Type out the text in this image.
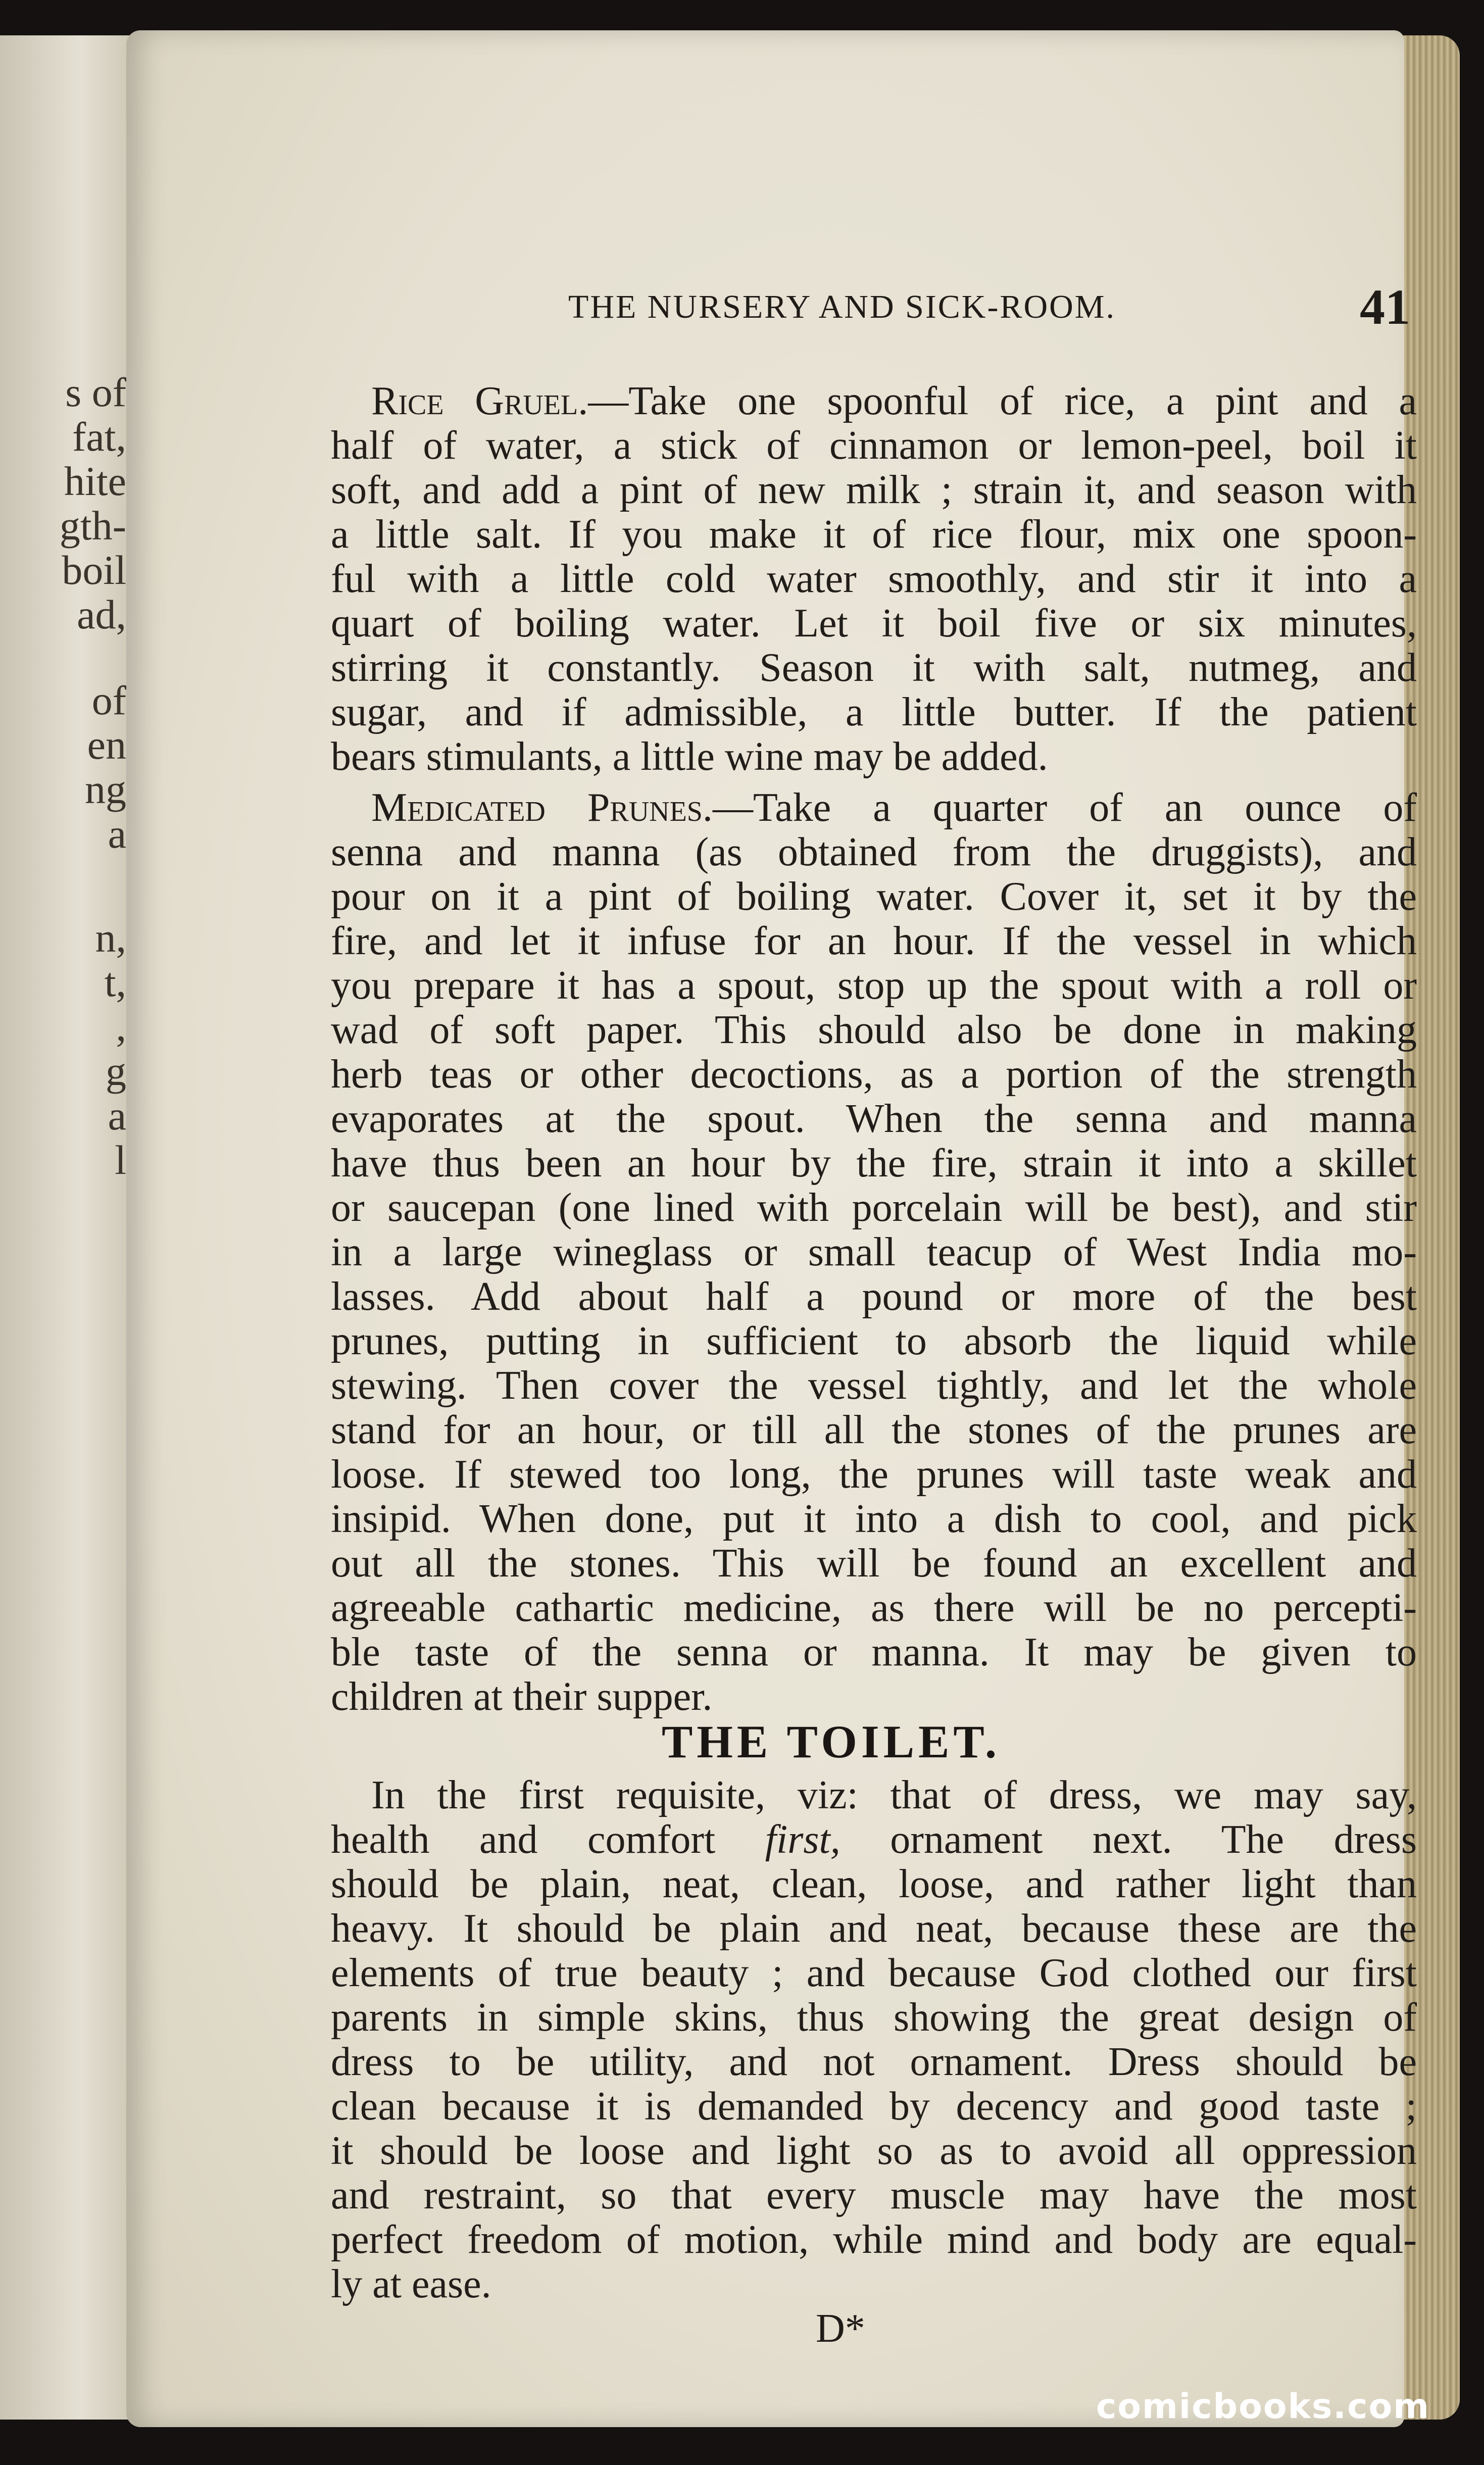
s of
fat,
hite
gth-
boil
ad,
of
en
ng
a
n,
t,
,
g
a
l
THE NURSERY AND SICK-ROOM.	41
Rice Gruel.—Take one spoonful of rice, a pint and a
half of water, a stick of cinnamon or lemon-peel, boil it
soft, and add a pint of new milk ; strain it, and season with
a little salt. If you make it of rice flour, mix one spoon-
ful with a little cold water smoothly, and stir it into a
quart of boiling water. Let it boil five or six minutes,
stirring it constantly. Season it with salt, nutmeg, and
sugar, and if admissible, a little butter. If the patient
bears stimulants, a little wine may be added.
Medicated Prunes.—Take a quarter of an ounce of
senna and manna (as obtained from the druggists), and
pour on it a pint of boiling water. Cover it, set it by the
fire, and let it infuse for an hour. If the vessel in which
you prepare it has a spout, stop up the spout with a roll or
wad of soft paper. This should also be done in making
herb teas or other decoctions, as a portion of the strength
evaporates at the spout. When the senna and manna
have thus been an hour by the fire, strain it into a skillet
or saucepan (one lined with porcelain will be best), and stir
in a large wineglass or small teacup of West India mo-
lasses. Add about half a pound or more of the best
prunes, putting in sufficient to absorb the liquid while
stewing. Then cover the vessel tightly, and let the whole
stand for an hour, or till all the stones of the prunes are
loose. If stewed too long, the prunes will taste weak and
insipid. When done, put it into a dish to cool, and pick
out all the stones. This will be found an excellent and
agreeable cathartic medicine, as there will be no percepti-
ble taste of the senna or manna. It may be given to
children at their supper.
THE TOILET.
In the first requisite, viz: that of dress, we may say,
health and comfort first, ornament next. The dress
should be plain, neat, clean, loose, and rather light than
heavy. It should be plain and neat, because these are the
elements of true beauty ; and because God clothed our first
parents in simple skins, thus showing the great design of
dress to be utility, and not ornament. Dress should be
clean because it is demanded by decency and good taste ;
it should be loose and light so as to avoid all oppression
and restraint, so that every muscle may have the most
perfect freedom of motion, while mind and body are equal-
ly at ease.
D*
comicbooks.com
